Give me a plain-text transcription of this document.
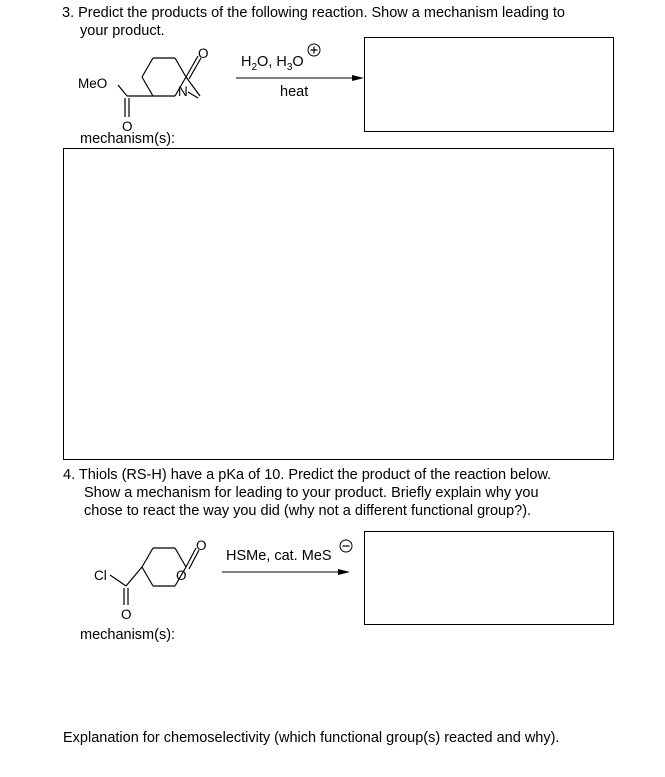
3. Predict the products of the following reaction. Show a mechanism leading to
your product.
MeO
O
N
O
$H_2O$, $H_3O$
heat
mechanism(s):
4. Thiols (RS-H) have a pKa of 10. Predict the product of the reaction below.
Show a mechanism for leading to your product. Briefly explain why you
chose to react the way you did (why not a different functional group?).
Cl
O
O
O
HSMe, cat. MeS
mechanism(s):
Explanation for chemoselectivity (which functional group(s) reacted and why).
